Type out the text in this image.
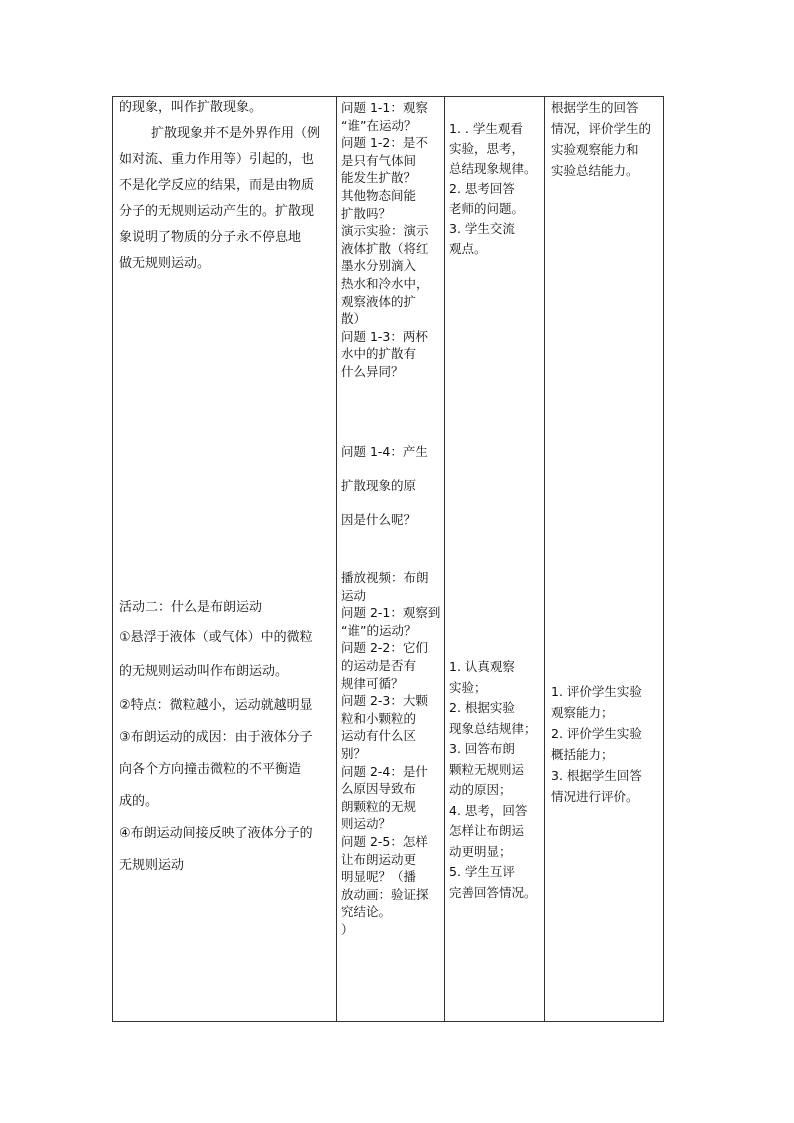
的现象，叫作扩散现象。

扩散现象并不是外界作用（例

如对流、重力作用等）引起的，也

不是化学反应的结果，而是由物质

分子的无规则运动产生的。扩散现

象说明了物质的分子永不停息地

做无规则运动。

活动二：什么是布朗运动

①悬浮于液体（或气体）中的微粒

的无规则运动叫作布朗运动。

②特点：微粒越小，运动就越明显

③布朗运动的成因：由于液体分子

向各个方向撞击微粒的不平衡造

成的。

④布朗运动间接反映了液体分子的

无规则运动

问题 1-1：观察
“谁”在运动？
问题 1-2：是不
是只有气体间
能发生扩散？
其他物态间能
扩散吗？
演示实验：演示
液体扩散（将红
墨水分别滴入
热水和冷水中，
观察液体的扩
散）
问题 1-3：两杯
水中的扩散有
什么异同？
问题 1-4：产生
扩散现象的原
因是什么呢？
播放视频：布朗
运动
问题 2-1：观察到
“谁”的运动？
问题 2-2：它们
的运动是否有
规律可循？
问题 2-3：大颗
粒和小颗粒的
运动有什么区
别？
问题 2-4：是什
么原因导致布
朗颗粒的无规
则运动？
问题 2-5：怎样
让布朗运动更
明显呢？（播
放动画：验证探
究结论。
）
1. . 学生观看
实验，思考，
总结现象规律。
2. 思考回答
老师的问题。
3. 学生交流
观点。
1. 认真观察
实验；
2. 根据实验
现象总结规律；
3. 回答布朗
颗粒无规则运
动的原因；
4. 思考，回答
怎样让布朗运
动更明显；
5. 学生互评
完善回答情况。
根据学生的回答
情况，评价学生的
实验观察能力和
实验总结能力。
1. 评价学生实验
观察能力；
2. 评价学生实验
概括能力；
3. 根据学生回答
情况进行评价。
